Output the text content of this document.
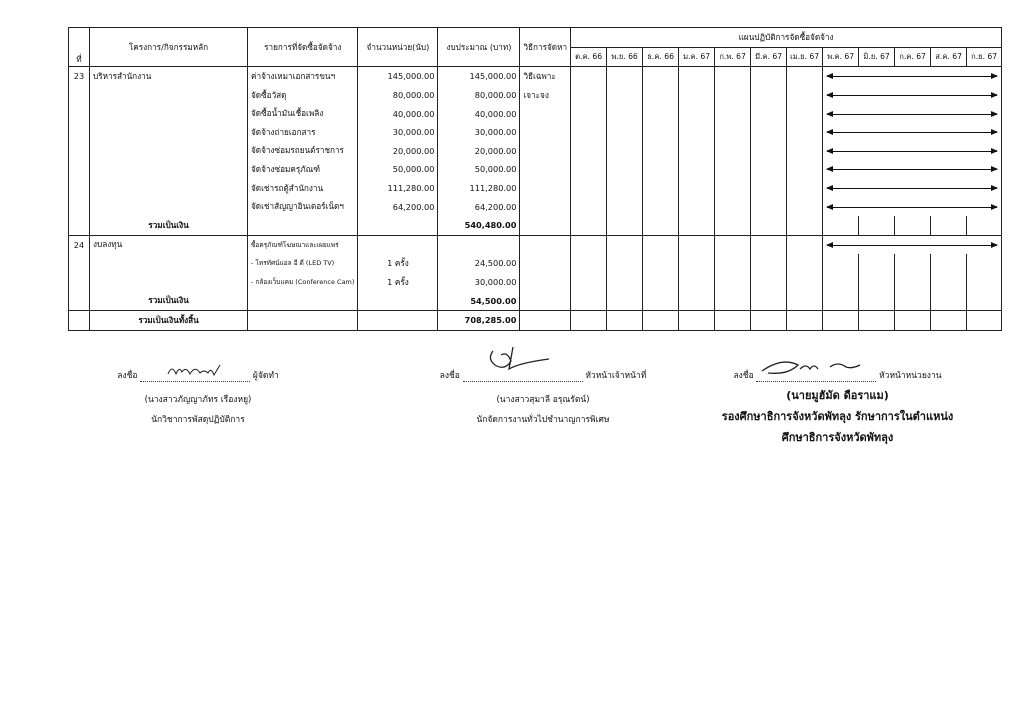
ที่	โครงการ/กิจกรรมหลัก	รายการที่จัดซื้อจัดจ้าง	จำนวนหน่วย(นับ)	งบประมาณ (บาท)	วิธีการจัดหา	แผนปฏิบัติการจัดซื้อจัดจ้าง											
						ต.ค. 66	พ.ย. 66	ธ.ค. 66	ม.ค. 67	ก.พ. 67	มี.ค. 67	เม.ย. 67	พ.ค. 67	มิ.ย. 67	ก.ค. 67	ส.ค. 67	ก.ย. 67
23	บริหารสำนักงาน	ค่าจ้างเหมาเอกสารขนฯ	145,000.00	145,000.00	วิธีเฉพาะ												

		จัดซื้อวัสดุ	80,000.00	80,000.00	เจาะจง												

		จัดซื้อน้ำมันเชื้อเพลิง	40,000.00	40,000.00													

		จัดจ้างถ่ายเอกสาร	30,000.00	30,000.00													

		จัดจ้างซ่อมรถยนต์ราชการ	20,000.00	20,000.00													

		จัดจ้างซ่อมครุภัณฑ์	50,000.00	50,000.00													

		จัดเช่ารถตู้สำนักงาน	111,280.00	111,280.00													

		จัดเช่าสัญญาอินเตอร์เน็ตฯ	64,200.00	64,200.00													

	รวมเป็นเงิน			540,480.00													
24	งบลงทุน	ซื้อครุภัณฑ์โฆษณาและเผยแพร่															

		- โทรทัศน์แอล อี ดี (LED TV)	1 ครั้ง	24,500.00													
		- กล้องเว็บแคม (Conference Cam)	1 ครั้ง	30,000.00													
	รวมเป็นเงิน			54,500.00													
	รวมเป็นเงินทั้งสิ้น			708,285.00													
ลงชื่อ	ผู้จัดทำ
(นางสาวภัญญาภัทร เรืองหยู)
นักวิชาการพัสดุปฏิบัติการ
ลงชื่อ	หัวหน้าเจ้าหน้าที่
(นางสาวสุมาลี อรุณรัตน์)
นักจัดการงานทั่วไปชำนาญการพิเศษ
ลงชื่อ	หัวหน้าหน่วยงาน
(นายมูฮัมัด ดือราแม)
รองศึกษาธิการจังหวัดพัทลุง รักษาการในตำแหน่ง
ศึกษาธิการจังหวัดพัทลุง
